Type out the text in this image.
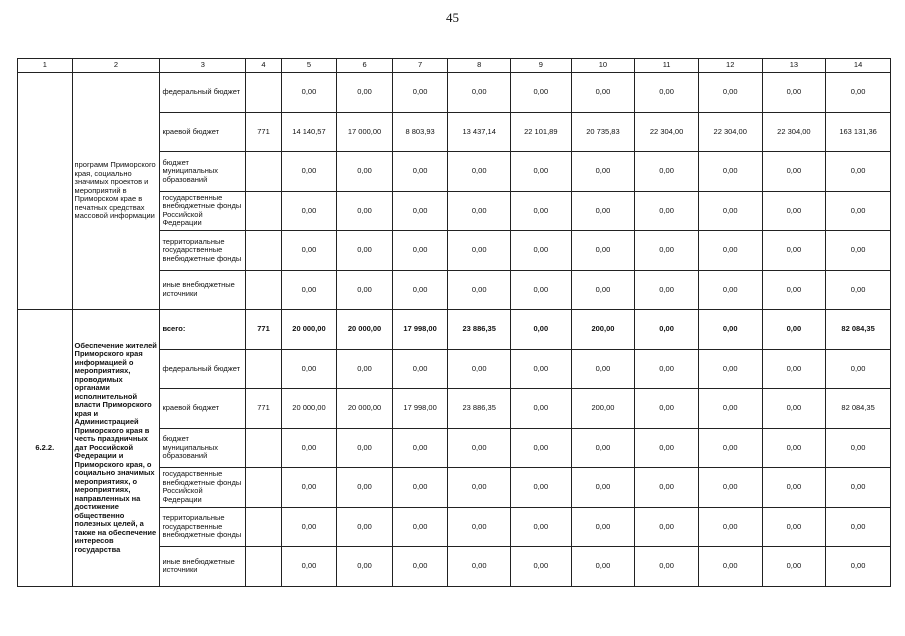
45
1	2	3	4	5	6	7	8	9	10	11	12	13	14
	программ Приморского края, социально значимых проектов и мероприятий в Приморском крае в печатных средствах массовой информации	федеральный бюджет		0,00	0,00	0,00	0,00	0,00	0,00	0,00	0,00	0,00	0,00
		краевой бюджет	771	14 140,57	17 000,00	8 803,93	13 437,14	22 101,89	20 735,83	22 304,00	22 304,00	22 304,00	163 131,36
		бюджет муниципальных образований		0,00	0,00	0,00	0,00	0,00	0,00	0,00	0,00	0,00	0,00
		государственные внебюджетные фонды Российской Федерации		0,00	0,00	0,00	0,00	0,00	0,00	0,00	0,00	0,00	0,00
		территориальные государственные внебюджетные фонды		0,00	0,00	0,00	0,00	0,00	0,00	0,00	0,00	0,00	0,00
		иные внебюджетные источники		0,00	0,00	0,00	0,00	0,00	0,00	0,00	0,00	0,00	0,00
6.2.2.	Обеспечение жителей Приморского края информацией о мероприятиях, проводимых органами исполнительной власти Приморского края и Администрацией Приморского края в честь праздничных дат Российской Федерации и Приморского края, о социально значимых мероприятиях, о мероприятиях, направленных на достижение общественно полезных целей, а также на обеспечение интересов государства	всего:	771	20 000,00	20 000,00	17 998,00	23 886,35	0,00	200,00	0,00	0,00	0,00	82 084,35
		федеральный бюджет		0,00	0,00	0,00	0,00	0,00	0,00	0,00	0,00	0,00	0,00
		краевой бюджет	771	20 000,00	20 000,00	17 998,00	23 886,35	0,00	200,00	0,00	0,00	0,00	82 084,35
		бюджет муниципальных образований		0,00	0,00	0,00	0,00	0,00	0,00	0,00	0,00	0,00	0,00
		государственные внебюджетные фонды Российской Федерации		0,00	0,00	0,00	0,00	0,00	0,00	0,00	0,00	0,00	0,00
		территориальные государственные внебюджетные фонды		0,00	0,00	0,00	0,00	0,00	0,00	0,00	0,00	0,00	0,00
		иные внебюджетные источники		0,00	0,00	0,00	0,00	0,00	0,00	0,00	0,00	0,00	0,00
